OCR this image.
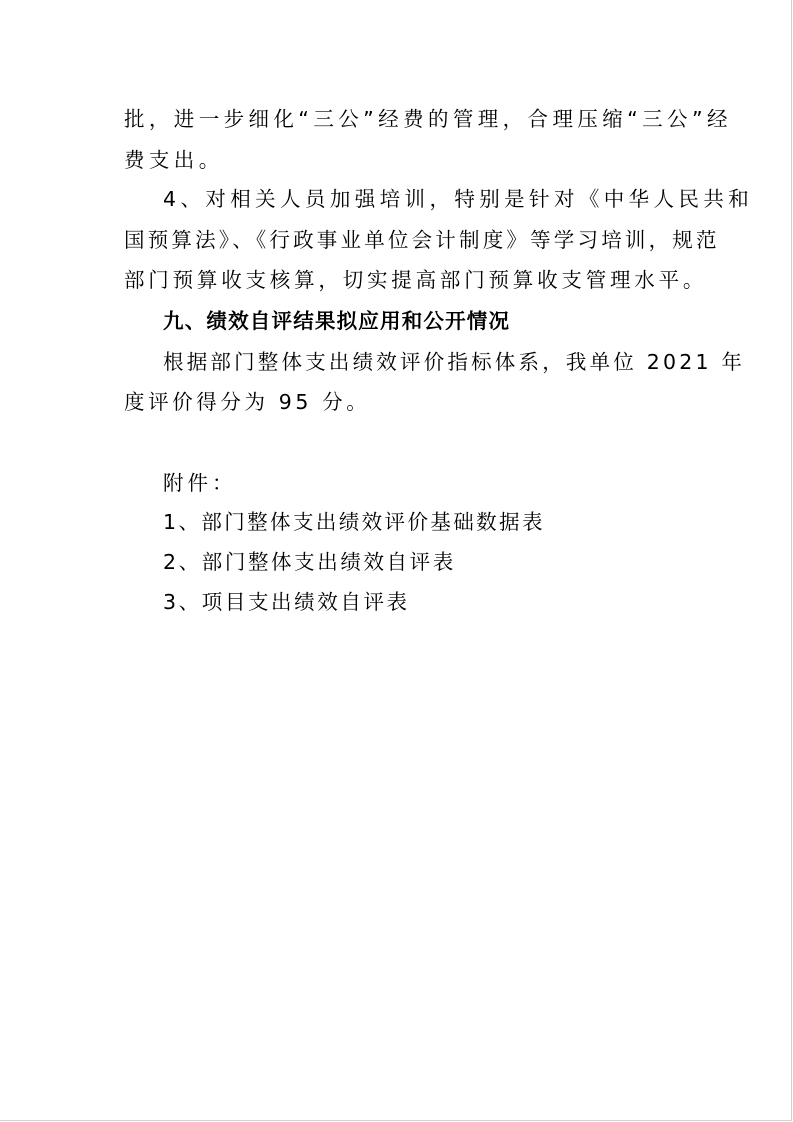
批，进一步细化“三公”经费的管理，合理压缩“三公”经
费支出。
4、对相关人员加强培训，特别是针对《中华人民共和
国预算法》、《行政事业单位会计制度》等学习培训，规范
部门预算收支核算，切实提高部门预算收支管理水平。
九、绩效自评结果拟应用和公开情况
根据部门整体支出绩效评价指标体系，我单位 2021 年
度评价得分为 95 分。
附件：
1、部门整体支出绩效评价基础数据表
2、部门整体支出绩效自评表
3、项目支出绩效自评表
